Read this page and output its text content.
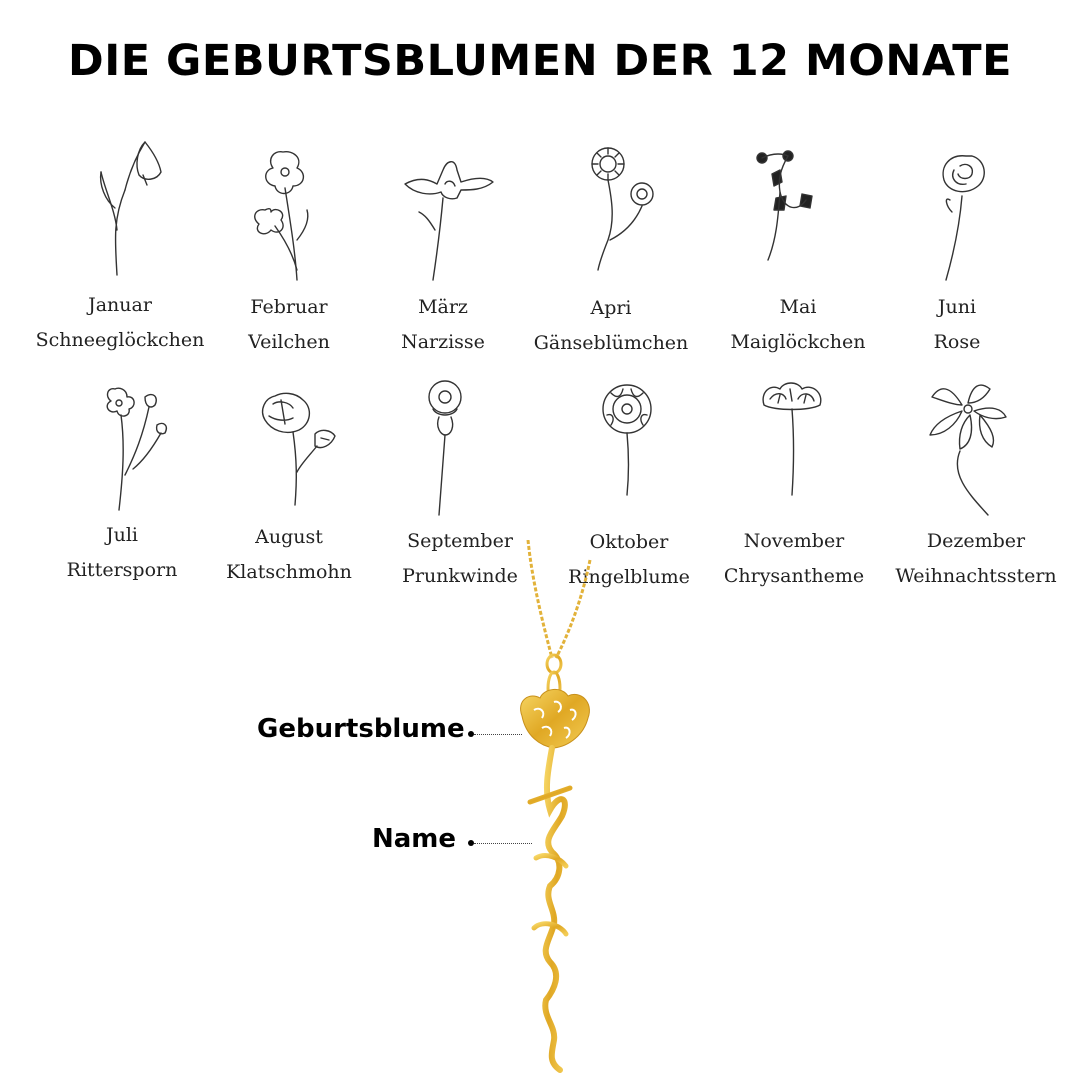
DIE GEBURTSBLUMEN DER 12 MONATE
Januar
Schneeglöckchen
Februar
Veilchen
März
Narzisse
Apri
Gänseblümchen
Mai
Maiglöckchen
Juni
Rose
Juli
Rittersporn
August
Klatschmohn
September
Prunkwinde
Oktober
Ringelblume
November
Chrysantheme
Dezember
Weihnachtsstern
Geburtsblume
Name
